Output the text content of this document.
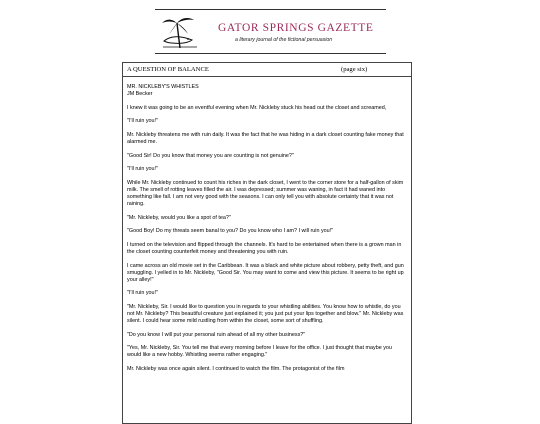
GATOR SPRINGS GAZETTE
a literary journal of the fictional persuasion
A QUESTION OF BALANCE	(page six)
MR. NICKLEBY'S WHISTLES
JM Becker

I knew it was going to be an eventful evening when Mr. Nickleby stuck his head out the closet and screamed,

"I'll ruin you!"

Mr. Nickleby threatens me with ruin daily. It was the fact that he was hiding in a dark closet counting fake money that alarmed me.

"Good Sir! Do you know that money you are counting is not genuine?"

"I'll ruin you!"

While Mr. Nickleby continued to count his riches in the dark closet, I went to the corner store for a half-gallon of skim milk. The smell of rotting leaves filled the air. I was depressed; summer was waning, in fact it had waned into something like fall. I am not very good with the seasons. I can only tell you with absolute certainty that it was not raining.

"Mr. Nickleby, would you like a spot of tea?"

"Good Boy! Do my threats seem banal to you? Do you know who I am? I will ruin you!"

I turned on the television and flipped through the channels. It's hard to be entertained when there is a grown man in the closet counting counterfeit money and threatening you with ruin.

I came across an old movie set in the Caribbean. It was a black and white picture about robbery, petty theft, and gun smuggling. I yelled in to Mr. Nickleby, "Good Sir. You may want to come and view this picture. It seems to be right up your alley!"

"I'll ruin you!"

"Mr. Nickleby, Sir. I would like to question you in regards to your whistling abilities. You know how to whistle, do you not Mr. Nickleby? This beautiful creature just explained it; you just put your lips together and blow." Mr. Nickleby was silent. I could hear some mild rustling from within the closet, some sort of shuffling.

"Do you know I will put your personal ruin ahead of all my other business?"

"Yes, Mr. Nickleby, Sir. You tell me that every morning before I leave for the office. I just thought that maybe you would like a new hobby. Whistling seems rather engaging."

Mr. Nickleby was once again silent. I continued to watch the film. The protagonist of the film
